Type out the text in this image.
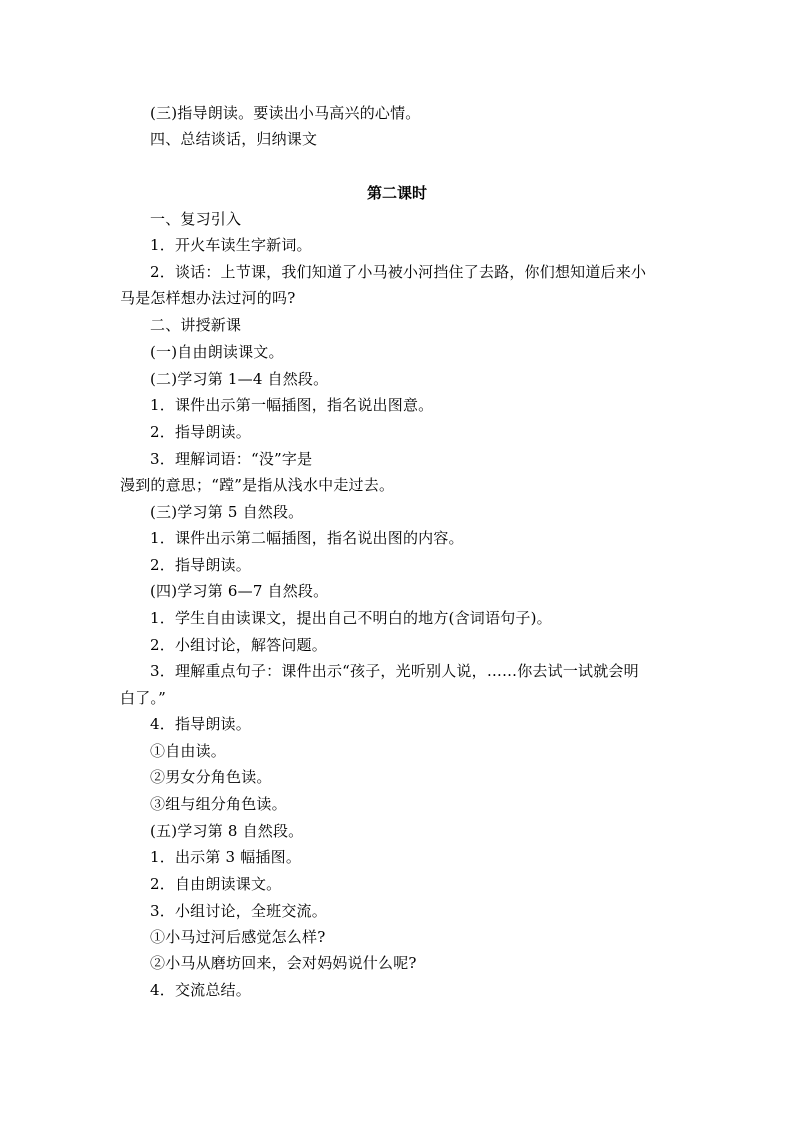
(三)指导朗读。要读出小马高兴的心情。
四、总结谈话，归纳课文
第二课时
一、复习引入
1．开火车读生字新词。
2．谈话：上节课，我们知道了小马被小河挡住了去路，你们想知道后来小
马是怎样想办法过河的吗?
二、讲授新课
(一)自由朗读课文。
(二)学习第 1—4 自然段。
1．课件出示第一幅插图，指名说出图意。
2．指导朗读。
3．理解词语：“没”字是
漫到的意思；“蹚”是指从浅水中走过去。
(三)学习第 5 自然段。
1．课件出示第二幅插图，指名说出图的内容。
2．指导朗读。
(四)学习第 6—7 自然段。
1．学生自由读课文，提出自己不明白的地方(含词语句子)。
2．小组讨论，解答问题。
3．理解重点句子：课件出示“孩子，光听别人说，……你去试一试就会明
白了。”
4．指导朗读。
①自由读。
②男女分角色读。
③组与组分角色读。
(五)学习第 8 自然段。
1．出示第 3 幅插图。
2．自由朗读课文。
3．小组讨论，全班交流。
①小马过河后感觉怎么样?
②小马从磨坊回来，会对妈妈说什么呢?
4．交流总结。
